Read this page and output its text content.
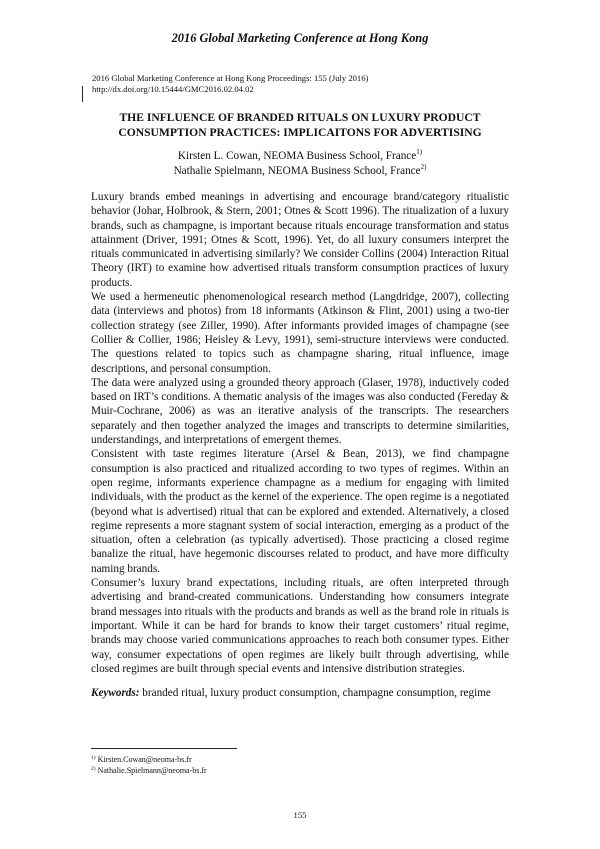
2016 Global Marketing Conference at Hong Kong
2016 Global Marketing Conference at Hong Kong Proceedings: 155 (July 2016)
http://dx.doi.org/10.15444/GMC2016.02.04.02
THE INFLUENCE OF BRANDED RITUALS ON LUXURY PRODUCT
CONSUMPTION PRACTICES: IMPLICAITONS FOR ADVERTISING
Kirsten L. Cowan, NEOMA Business School, France$^{1)}$
Nathalie Spielmann, NEOMA Business School, France$^{2)}$

Luxury brands embed meanings in advertising and encourage brand/category ritualistic behavior (Johar, Holbrook, & Stern, 2001; Otnes & Scott 1996). The ritualization of a luxury brands, such as champagne, is important because rituals encourage transformation and status attainment (Driver, 1991; Otnes & Scott, 1996). Yet, do all luxury consumers interpret the rituals communicated in advertising similarly? We consider Collins (2004) Interaction Ritual Theory (IRT) to examine how advertised rituals transform consumption practices of luxury products.

We used a hermeneutic phenomenological research method (Langdridge, 2007), collecting data (interviews and photos) from 18 informants (Atkinson & Flint, 2001) using a two-tier collection strategy (see Ziller, 1990). After informants provided images of champagne (see Collier & Collier, 1986; Heisley & Levy, 1991), semi-structure interviews were conducted. The questions related to topics such as champagne sharing, ritual influence, image descriptions, and personal consumption.

The data were analyzed using a grounded theory approach (Glaser, 1978), inductively coded based on IRT’s conditions. A thematic analysis of the images was also conducted (Fereday & Muir-Cochrane, 2006) as was an iterative analysis of the transcripts. The researchers separately and then together analyzed the images and transcripts to determine similarities, understandings, and interpretations of emergent themes.

Consistent with taste regimes literature (Arsel & Bean, 2013), we find champagne consumption is also practiced and ritualized according to two types of regimes. Within an open regime, informants experience champagne as a medium for engaging with limited individuals, with the product as the kernel of the experience. The open regime is a negotiated (beyond what is advertised) ritual that can be explored and extended. Alternatively, a closed regime represents a more stagnant system of social interaction, emerging as a product of the situation, often a celebration (as typically advertised). Those practicing a closed regime banalize the ritual, have hegemonic discourses related to product, and have more difficulty naming brands.

Consumer’s luxury brand expectations, including rituals, are often interpreted through advertising and brand-created communications. Understanding how consumers integrate brand messages into rituals with the products and brands as well as the brand role in rituals is important. While it can be hard for brands to know their target customers’ ritual regime, brands may choose varied communications approaches to reach both consumer types. Either way, consumer expectations of open regimes are likely built through advertising, while closed regimes are built through special events and intensive distribution strategies.

Keywords: branded ritual, luxury product consumption, champagne consumption, regime

$^{1)}$ Kirsten.Cowan@neoma-bs.fr
$^{2)}$ Nathalie.Spielmann@neoma-bs.fr
155
